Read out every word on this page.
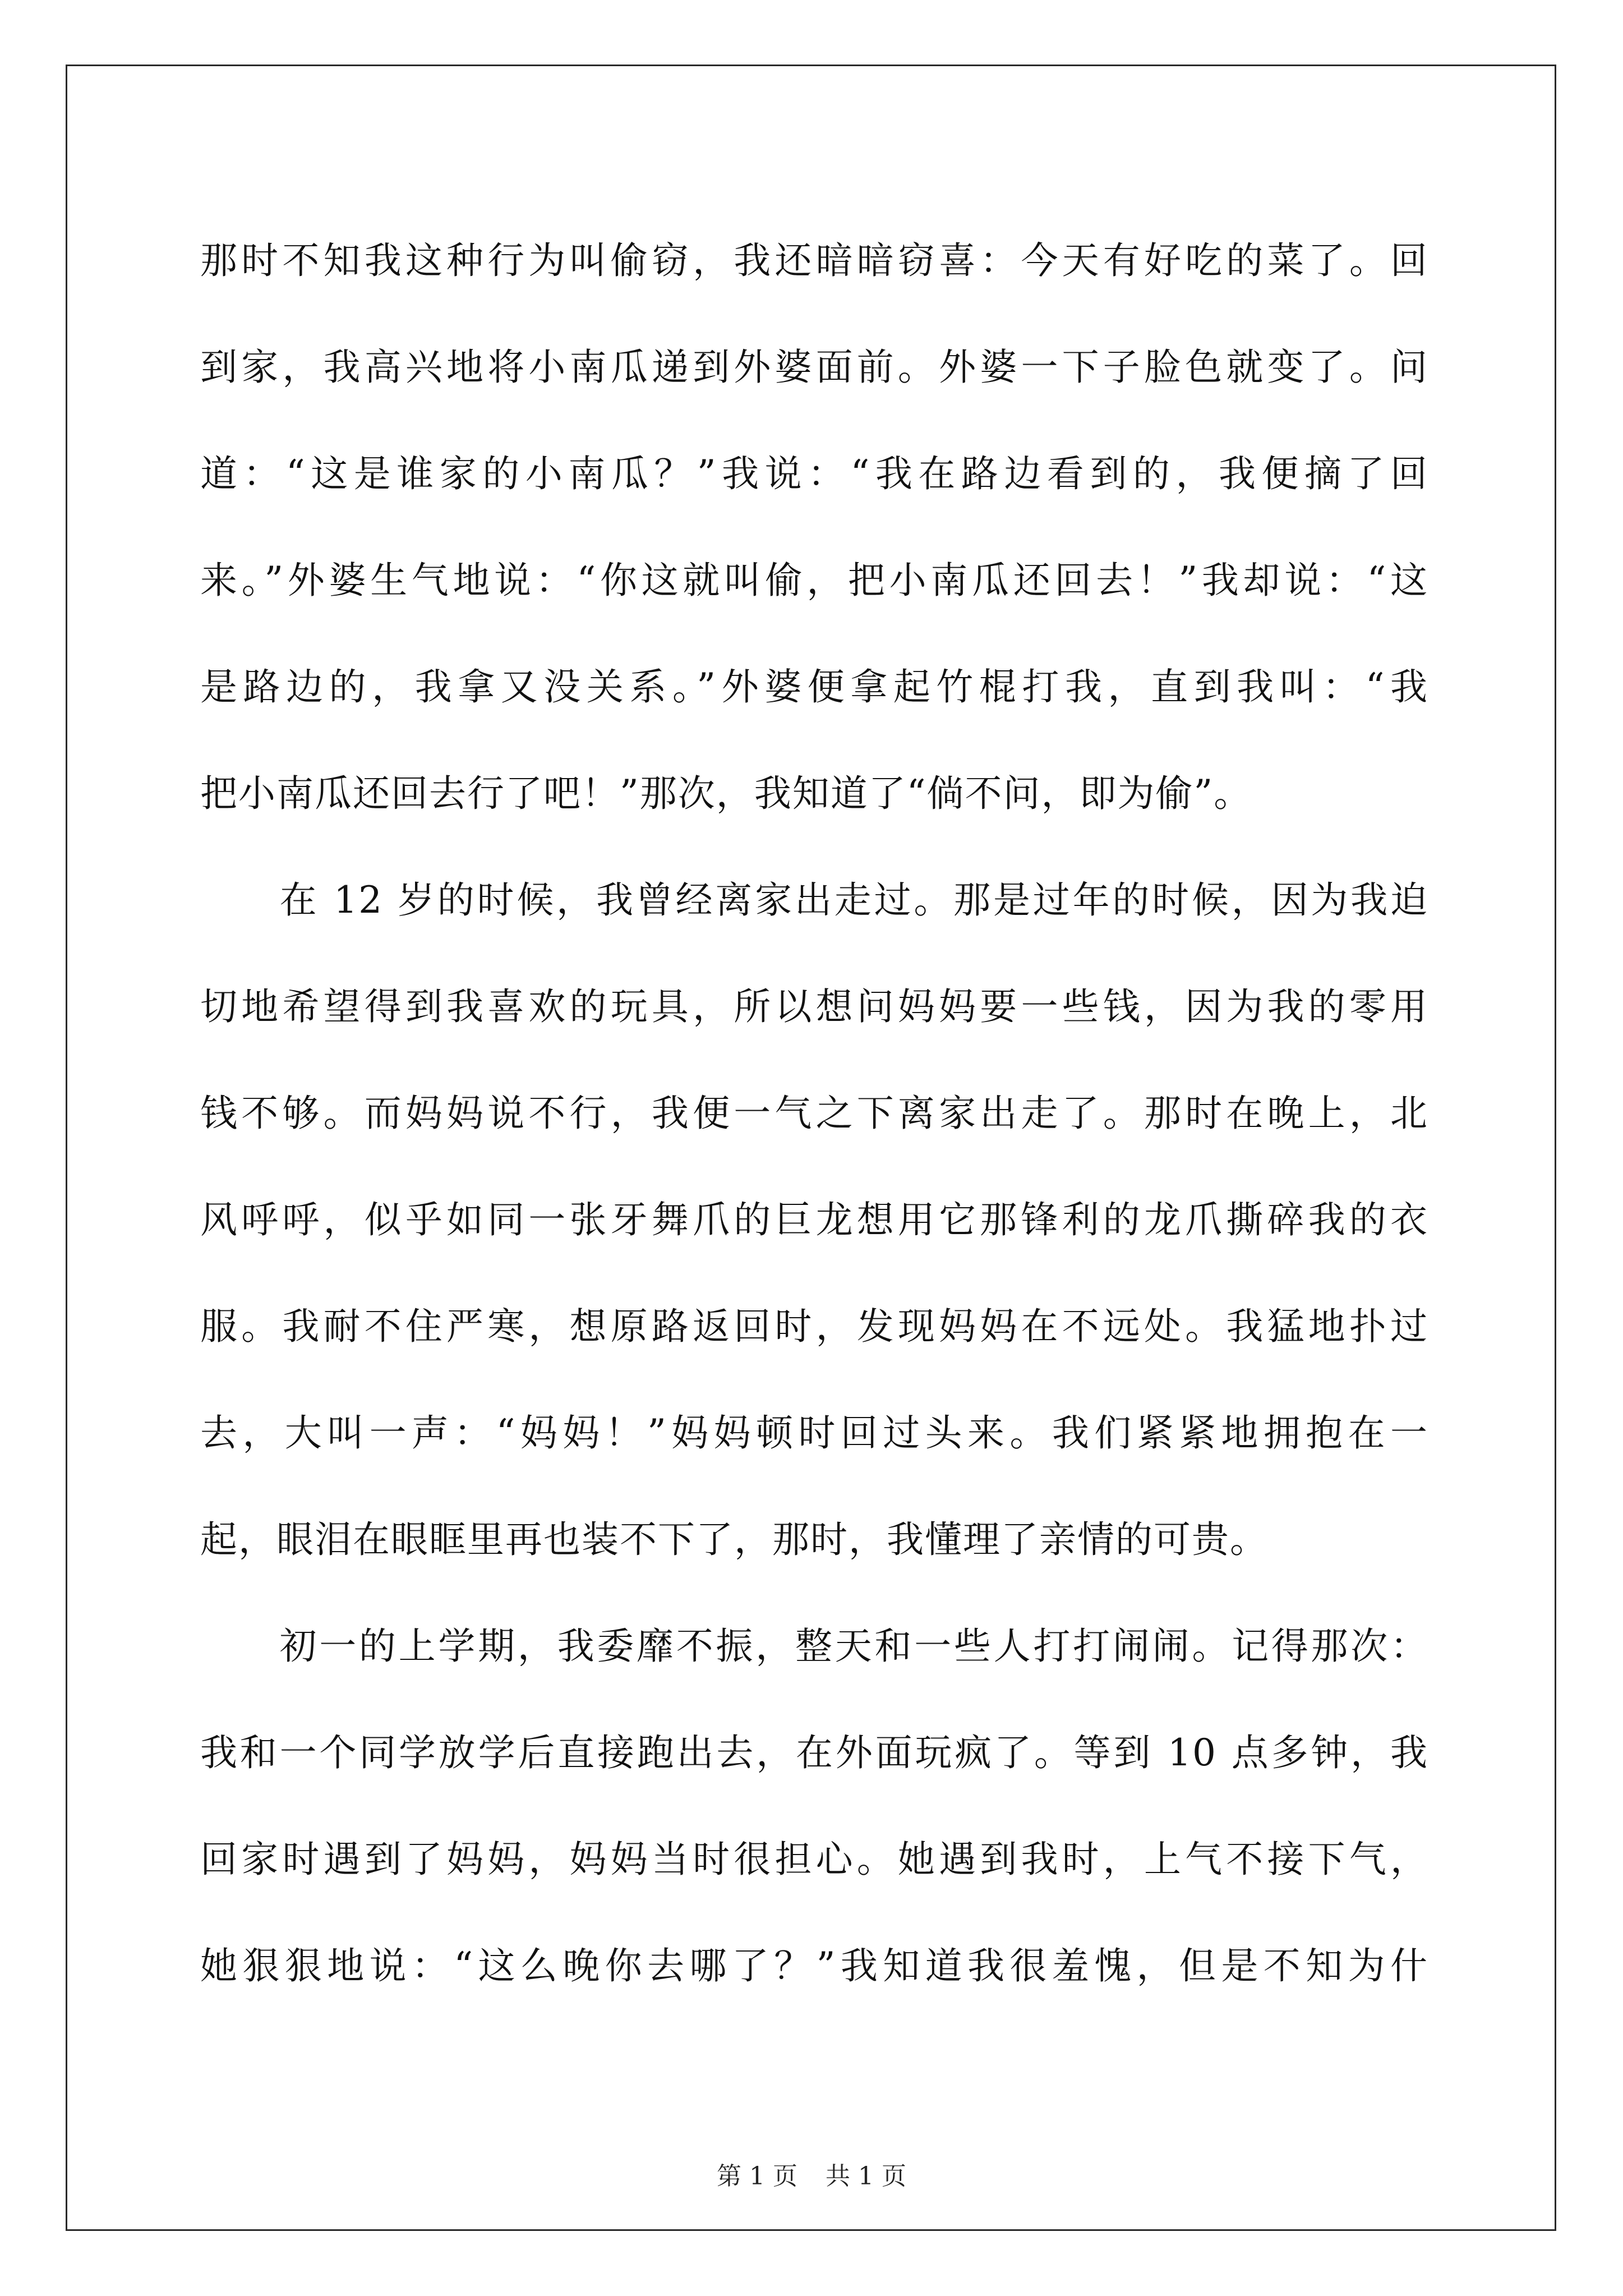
那时不知我这种行为叫偷窃，我还暗暗窃喜：今天有好吃的菜了。回
到家，我高兴地将小南瓜递到外婆面前。外婆一下子脸色就变了。问
道：“这是谁家的小南瓜？”我说：“我在路边看到的，我便摘了回
来。”外婆生气地说：“你这就叫偷，把小南瓜还回去！”我却说：“这
是路边的，我拿又没关系。”外婆便拿起竹棍打我，直到我叫：“我
把小南瓜还回去行了吧！”那次，我知道了“倘不问，即为偷”。
　　在 12 岁的时候，我曾经离家出走过。那是过年的时候，因为我迫
切地希望得到我喜欢的玩具，所以想问妈妈要一些钱，因为我的零用
钱不够。而妈妈说不行，我便一气之下离家出走了。那时在晚上，北
风呼呼，似乎如同一张牙舞爪的巨龙想用它那锋利的龙爪撕碎我的衣
服。我耐不住严寒，想原路返回时，发现妈妈在不远处。我猛地扑过
去，大叫一声：“妈妈！”妈妈顿时回过头来。我们紧紧地拥抱在一
起，眼泪在眼眶里再也装不下了，那时，我懂理了亲情的可贵。
　　初一的上学期，我委靡不振，整天和一些人打打闹闹。记得那次：
我和一个同学放学后直接跑出去，在外面玩疯了。等到 10 点多钟，我
回家时遇到了妈妈，妈妈当时很担心。她遇到我时，上气不接下气，
她狠狠地说：“这么晚你去哪了？”我知道我很羞愧，但是不知为什
第 1 页 共 1 页
